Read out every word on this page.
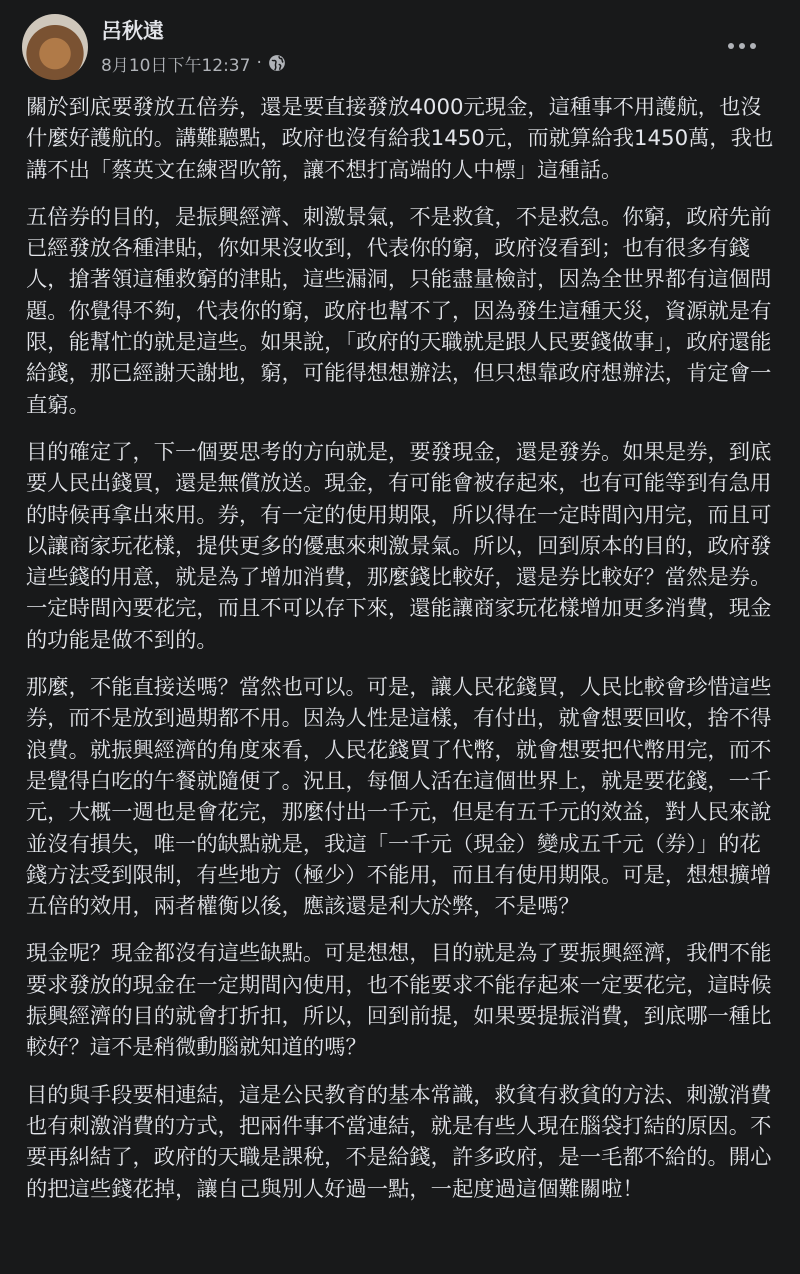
呂秋遠
8月10日下午12:37 ·

關於到底要發放五倍券，還是要直接發放4000元現金，這種事不用護航，也沒什麼好護航的。講難聽點，政府也沒有給我1450元，而就算給我1450萬，我也講不出「蔡英文在練習吹箭，讓不想打高端的人中標」這種話。

五倍券的目的，是振興經濟、刺激景氣，不是救貧，不是救急。你窮，政府先前已經發放各種津貼，你如果沒收到，代表你的窮，政府沒看到；也有很多有錢人，搶著領這種救窮的津貼，這些漏洞，只能盡量檢討，因為全世界都有這個問題。你覺得不夠，代表你的窮，政府也幫不了，因為發生這種天災，資源就是有限，能幫忙的就是這些。如果說，「政府的天職就是跟人民要錢做事」，政府還能給錢，那已經謝天謝地，窮，可能得想想辦法，但只想靠政府想辦法，肯定會一直窮。

目的確定了，下一個要思考的方向就是，要發現金，還是發券。如果是券，到底要人民出錢買，還是無償放送。現金，有可能會被存起來，也有可能等到有急用的時候再拿出來用。券，有一定的使用期限，所以得在一定時間內用完，而且可以讓商家玩花樣，提供更多的優惠來刺激景氣。所以，回到原本的目的，政府發這些錢的用意，就是為了增加消費，那麼錢比較好，還是券比較好？當然是券。一定時間內要花完，而且不可以存下來，還能讓商家玩花樣增加更多消費，現金的功能是做不到的。

那麼，不能直接送嗎？當然也可以。可是，讓人民花錢買，人民比較會珍惜這些券，而不是放到過期都不用。因為人性是這樣，有付出，就會想要回收，捨不得浪費。就振興經濟的角度來看，人民花錢買了代幣，就會想要把代幣用完，而不是覺得白吃的午餐就隨便了。況且，每個人活在這個世界上，就是要花錢，一千元，大概一週也是會花完，那麼付出一千元，但是有五千元的效益，對人民來說並沒有損失，唯一的缺點就是，我這「一千元（現金）變成五千元（券）」的花錢方法受到限制，有些地方（極少）不能用，而且有使用期限。可是，想想擴增五倍的效用，兩者權衡以後，應該還是利大於弊，不是嗎？

現金呢？現金都沒有這些缺點。可是想想，目的就是為了要振興經濟，我們不能要求發放的現金在一定期間內使用，也不能要求不能存起來一定要花完，這時候振興經濟的目的就會打折扣，所以，回到前提，如果要提振消費，到底哪一種比較好？這不是稍微動腦就知道的嗎？

目的與手段要相連結，這是公民教育的基本常識，救貧有救貧的方法、刺激消費也有刺激消費的方式，把兩件事不當連結，就是有些人現在腦袋打結的原因。不要再糾結了，政府的天職是課稅，不是給錢，許多政府，是一毛都不給的。開心的把這些錢花掉，讓自己與別人好過一點，一起度過這個難關啦！
